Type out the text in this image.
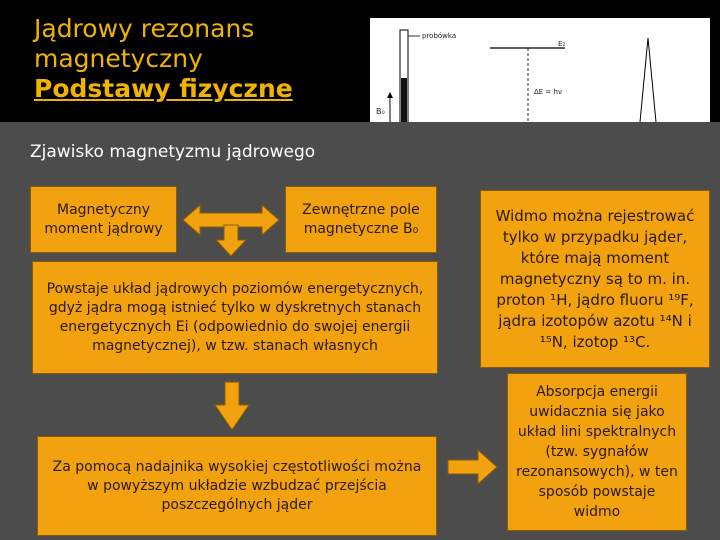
Jądrowy rezonans
magnetyczny
Podstawy fizyczne
probówka
B₀
E₂
ΔE = hν
Zjawisko magnetyzmu jądrowego
Magnetyczny moment jądrowy
Zewnętrzne pole magnetyczne B₀
Powstaje układ jądrowych poziomów energetycznych, gdyż jądra mogą istnieć tylko w dyskretnych stanach energetycznych Ei (odpowiednio do swojej energii magnetycznej), w tzw. stanach własnych
Za pomocą nadajnika wysokiej częstotliwości można w powyższym układzie wzbudzać przejścia poszczególnych jąder
Widmo można rejestrować tylko w przypadku jąder, które mają moment magnetyczny są to m. in. proton ¹H, jądro fluoru ¹⁹F, jądra izotopów azotu ¹⁴N i ¹⁵N, izotop ¹³C.
Absorpcja energii uwidacznia się jako układ lini spektralnych (tzw. sygnałów rezonansowych), w ten sposób powstaje widmo
